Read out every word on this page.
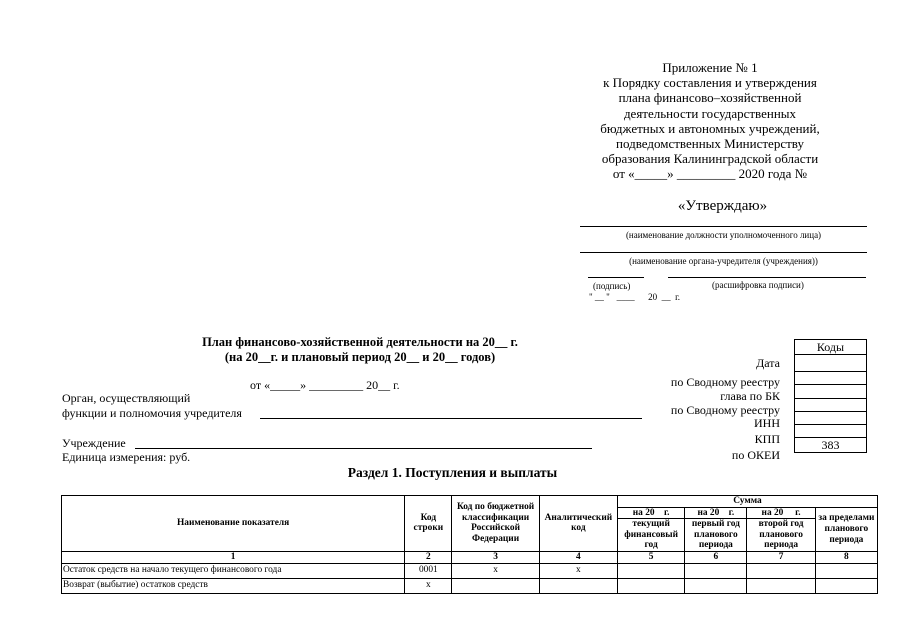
Приложение № 1
к Порядку составления и утверждения
плана финансово–хозяйственной
деятельности государственных
бюджетных и автономных учреждений,
подведомственных Министерству
образования Калининградской области
от «_____» _________ 2020 года №
«Утверждаю»
(наименование должности уполномоченного лица)
(наименование органа-учредителя (учреждения))
(подпись)	(расшифровка подписи)
" __ "   ____      20  __  г.
План финансово-хозяйственной деятельности на 20__ г.
(на 20__г. и плановый период 20__ и 20__ годов)
от «_____» _________ 20__ г.
Орган, осуществляющий
функции и полномочия учредителя
Учреждение
Единица измерения: руб.
Дата
по Сводному реестру
глава по БК
по Сводному реестру
ИНН
КПП
по ОКЕИ
Коды

383
Раздел 1. Поступления и выплаты
Наименование показателя	Код строки	Код по бюджетной классификации Российской Федерации	Аналитический код	Сумма			
				на 20    г.	на 20    г.	на 20     г.	за пределами планового периода
				текущий финансовый год	первый год планового периода	второй год планового периода	
1	2	3	4	5	6	7	8
Остаток средств на начало текущего финансового года	0001	x	x				
Возврат (выбытие) остатков средств	x						
